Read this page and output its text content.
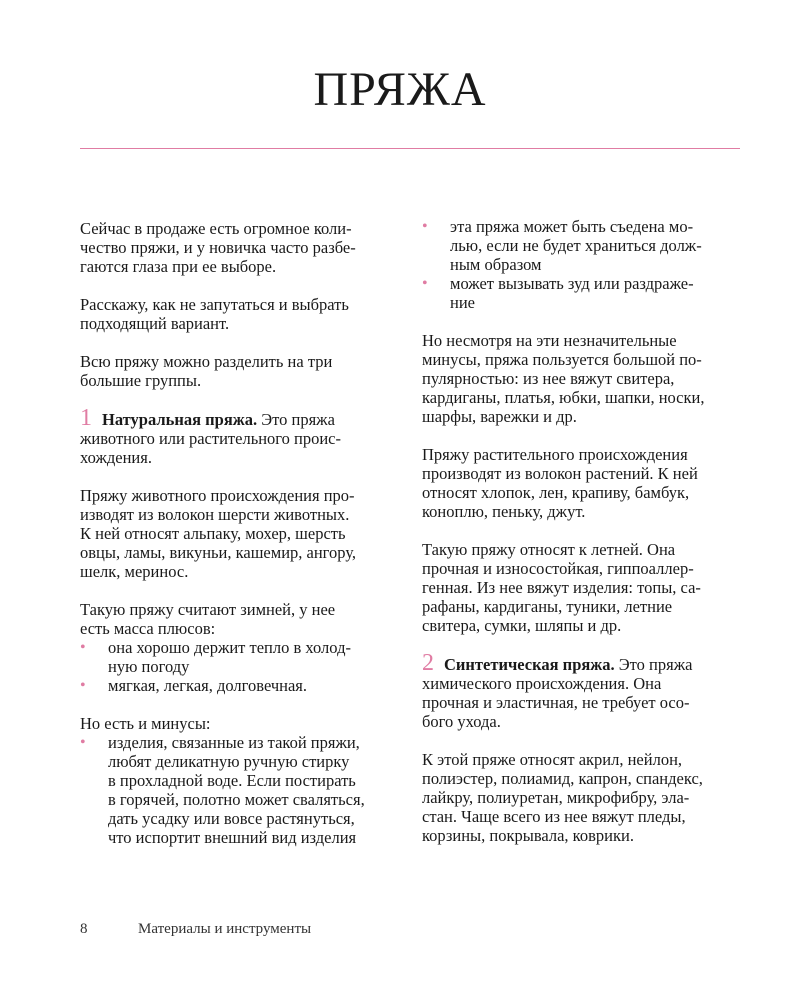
ПРЯЖА

Сейчас в продаже есть огромное коли-
чество пряжи, и у новичка часто разбе-
гаются глаза при ее выборе.

Расскажу, как не запутаться и выбрать
подходящий вариант.

Всю пряжу можно разделить на три
большие группы.

1 Натуральная пряжа. Это пряжа
животного или растительного проис-
хождения.

Пряжу животного происхождения про-
изводят из волокон шерсти животных.
К ней относят альпаку, мохер, шерсть
овцы, ламы, викуньи, кашемир, ангору,
шелк, меринос.

Такую пряжу считают зимней, у нее
есть масса плюсов:

• она хорошо держит тепло в холод-
ную погоду
• мягкая, легкая, долговечная.

Но есть и минусы:

• изделия, связанные из такой пряжи,
любят деликатную ручную стирку
в прохладной воде. Если постирать
в горячей, полотно может сваляться,
дать усадку или вовсе растянуться,
что испортит внешний вид изделия
• эта пряжа может быть съедена мо-
лью, если не будет храниться долж-
ным образом
• может вызывать зуд или раздраже-
ние

Но несмотря на эти незначительные
минусы, пряжа пользуется большой по-
пулярностью: из нее вяжут свитера,
кардиганы, платья, юбки, шапки, носки,
шарфы, варежки и др.

Пряжу растительного происхождения
производят из волокон растений. К ней
относят хлопок, лен, крапиву, бамбук,
коноплю, пеньку, джут.

Такую пряжу относят к летней. Она
прочная и износостойкая, гиппоаллер-
генная. Из нее вяжут изделия: топы, са-
рафаны, кардиганы, туники, летние
свитера, сумки, шляпы и др.

2 Синтетическая пряжа. Это пряжа
химического происхождения. Она
прочная и эластичная, не требует осо-
бого ухода.

К этой пряже относят акрил, нейлон,
полиэстер, полиамид, капрон, спандекс,
лайкру, полиуретан, микрофибру, эла-
стан. Чаще всего из нее вяжут пледы,
корзины, покрывала, коврики.

8	Материалы и инструменты
